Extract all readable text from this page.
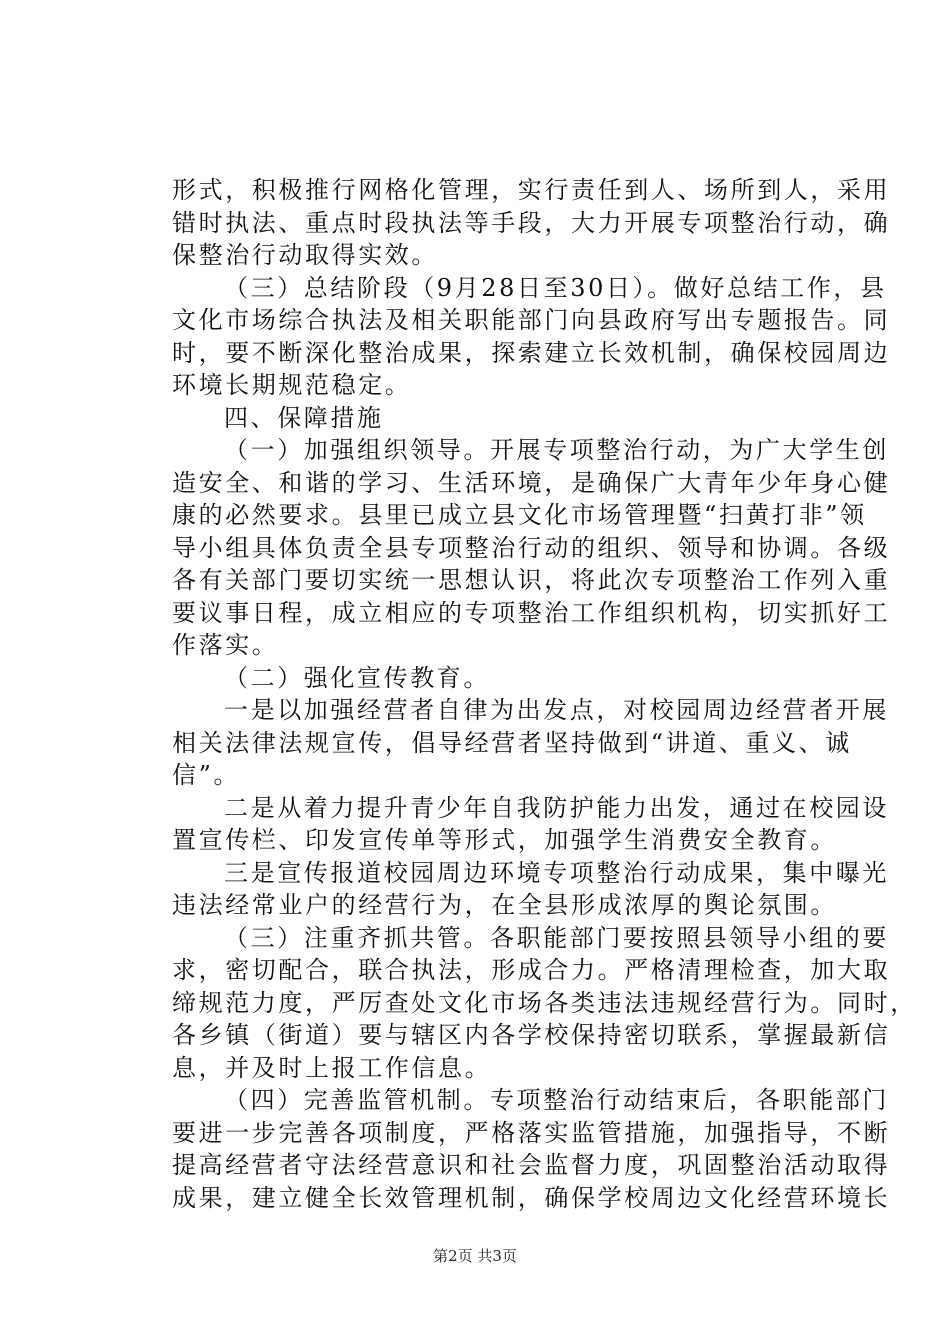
形式，积极推行网格化管理，实行责任到人、场所到人，采用
错时执法、重点时段执法等手段，大力开展专项整治行动，确
保整治行动取得实效。
（三）总结阶段（9月28日至30日）。做好总结工作，县
文化市场综合执法及相关职能部门向县政府写出专题报告。同
时，要不断深化整治成果，探索建立长效机制，确保校园周边
环境长期规范稳定。
四、保障措施
（一）加强组织领导。开展专项整治行动，为广大学生创
造安全、和谐的学习、生活环境，是确保广大青年少年身心健
康的必然要求。县里已成立县文化市场管理暨“扫黄打非”领
导小组具体负责全县专项整治行动的组织、领导和协调。各级
各有关部门要切实统一思想认识，将此次专项整治工作列入重
要议事日程，成立相应的专项整治工作组织机构，切实抓好工
作落实。
（二）强化宣传教育。
一是以加强经营者自律为出发点，对校园周边经营者开展
相关法律法规宣传，倡导经营者坚持做到“讲道、重义、诚
信”。
二是从着力提升青少年自我防护能力出发，通过在校园设
置宣传栏、印发宣传单等形式，加强学生消费安全教育。
三是宣传报道校园周边环境专项整治行动成果，集中曝光
违法经常业户的经营行为，在全县形成浓厚的舆论氛围。
（三）注重齐抓共管。各职能部门要按照县领导小组的要
求，密切配合，联合执法，形成合力。严格清理检查，加大取
缔规范力度，严厉查处文化市场各类违法违规经营行为。同时，
各乡镇（街道）要与辖区内各学校保持密切联系，掌握最新信
息，并及时上报工作信息。
（四）完善监管机制。专项整治行动结束后，各职能部门
要进一步完善各项制度，严格落实监管措施，加强指导，不断
提高经营者守法经营意识和社会监督力度，巩固整治活动取得
成果，建立健全长效管理机制，确保学校周边文化经营环境长
第2页 共3页
